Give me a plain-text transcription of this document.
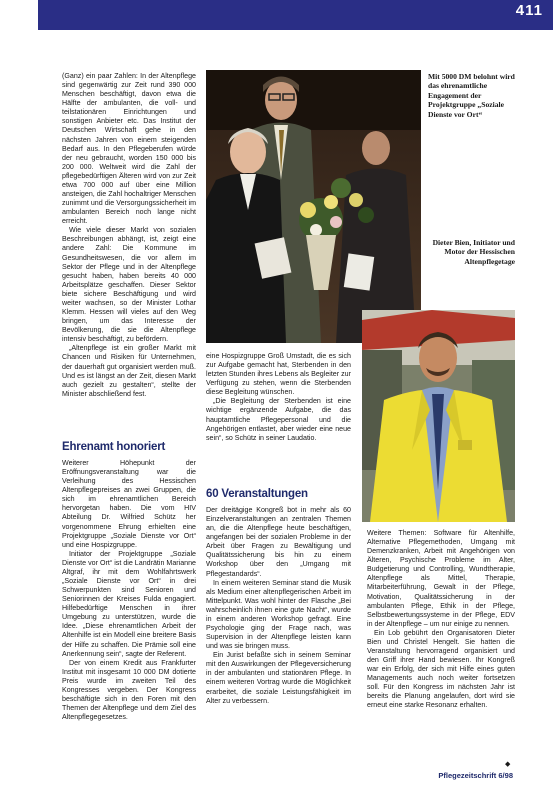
411

(Ganz) ein paar Zahlen: In der Altenpflege sind gegenwärtig zur Zeit rund 390 000 Menschen beschäftigt, davon etwa die Hälfte der ambulanten, die voll- und teilstationären Einrichtungen und sonstigen Anbieter etc. Das Institut der Deutschen Wirtschaft gehe in den nächsten Jahren von einem steigenden Bedarf aus. In den Pflegeberufen würde der neu gebraucht, worden 150 000 bis 200 000. Weltweit wird die Zahl der pflegebedürftigen Älteren wird von zur Zeit etwa 700 000 auf über eine Million ansteigen, die Zahl hochaltriger Menschen zunimmt und die Versorgungssicherheit im ambulanten Bereich noch lange nicht erreicht.

Wie viele dieser Markt von sozialen Beschreibungen abhängt, ist, zeigt eine andere Zahl: Die Kommune im Gesundheitswesen, die vor allem im Sektor der Pflege und in der Altenpflege gesucht haben, haben bereits 40 000 Arbeitsplätze geschaffen. Dieser Sektor biete sichere Beschäftigung und wird weiter wachsen, so der Minister Lothar Klemm. Hessen will vieles auf den Weg bringen, um das Interesse der Bevölkerung, die sie die Altenpflege intensiv beschäftigt, zu befördern.

„Altenpflege ist ein großer Markt mit Chancen und Risiken für Unternehmen, der dauerhaft gut organisiert werden muß. Und es ist längst an der Zeit, diesen Markt auch gezielt zu gestalten“, stellte der Minister abschließend fest.

Ehrenamt honoriert

Weiterer Höhepunkt der Eröffnungsveranstaltung war die Verleihung des Hessischen Altenpflegepreises an zwei Gruppen, die sich im ehrenamtlichen Bereich hervorgetan haben. Die vom HIV Abteilung Dr. Wilfried Schütz her vorgenommene Ehrung erhielten eine Projektgruppe „Soziale Dienste vor Ort“ und eine Hospizgruppe.

Initiator der Projektgruppe „Soziale Dienste vor Ort“ ist die Landrätin Marianne Altgraf, ihr mit dem Wohlfahrtswerk „Soziale Dienste vor Ort“ in drei Schwerpunkten sind Senioren und Seniorinnen der Kreises Fulda engagiert. Hilfebedürftige Menschen in ihrer Umgebung zu unterstützen, wurde die Idee. „Diese ehrenamtlichen Arbeit der Altenhilfe ist ein Modell eine breitere Basis der Hilfe zu schaffen. Die Prämie soll eine Anerkennung sein“, sagte der Referent.

Der von einem Kredit aus Frankfurter Institut mit insgesamt 10 000 DM dotierte Preis wurde im zweiten Teil des Kongresses vergeben. Der Kongress beschäftigte sich in den Foren mit den Themen der Altenpflege und dem Ziel des Altenpflegegesetzes.

Mit 5000 DM belohnt wird das ehrenamtliche Engagement der Projektgruppe „Soziale Dienste vor Ort“
Dieter Bien, Initiator und Motor der Hessischen Altenpflegetage

eine Hospizgruppe Groß Umstadt, die es sich zur Aufgabe gemacht hat, Sterbenden in den letzten Stunden ihres Lebens als Begleiter zur Verfügung zu stehen, wenn die Sterbenden diese Begleitung wünschen.

„Die Begleitung der Sterbenden ist eine wichtige ergänzende Aufgabe, die das hauptamtliche Pflegepersonal und die Angehörigen entlastet, aber wieder eine neue sein“, so Schütz in seiner Laudatio.

60 Veranstaltungen

Der dreitägige Kongreß bot in mehr als 60 Einzelveranstaltungen an zentralen Themen an, die die Altenpflege heute beschäftigen, angefangen bei der sozialen Probleme in der Arbeit über Fragen zu Bewältigung und Qualitätssicherung bis hin zu einem Workshop über den „Umgang mit Pflegestandards“.

In einem weiteren Seminar stand die Musik als Medium einer altenpflegerischen Arbeit im Mittelpunkt. Was wohl hinter der Flasche „Bei wahrscheinlich ihnen eine gute Nacht“, wurde in einem anderen Workshop gefragt. Eine Psychologie ging der Frage nach, was Supervision in der Altenpflege leisten kann und was sie bringen muss.

Ein Jurist befaßte sich in seinem Seminar mit den Auswirkungen der Pflegeversicherung in der ambulanten und stationären Pflege. In einem weiteren Vortrag wurde die Möglichkeit erarbeitet, die soziale Leistungsfähigkeit im Alter zu verbessern.

Weitere Themen: Software für Altenhilfe, Alternative Pflegemethoden, Umgang mit Demenzkranken, Arbeit mit Angehörigen von Älteren, Psychische Probleme im Alter, Budgetierung und Controlling, Wundtherapie, Altenpflege als Mittel, Therapie, Mitarbeiterführung, Gewalt in der Pflege, Motivation, Qualitätssicherung in der ambulanten Pflege, Ethik in der Pflege, Selbstbewertungssysteme in der Pflege, EDV in der Altenpflege – um nur einige zu nennen.

Ein Lob gebührt den Organisatoren Dieter Bien und Christel Hengelt. Sie hatten die Veranstaltung hervorragend organisiert und den Griff ihrer Hand bewiesen. Ihr Kongreß war ein Erfolg, der sich mit Hilfe eines guten Managements auch noch weiter fortsetzen soll. Für den Kongress im nächsten Jahr ist bereits die Planung angelaufen, dort wird sie erneut eine starke Resonanz erhalten.

◆
Pflegezeitschrift 6/98
